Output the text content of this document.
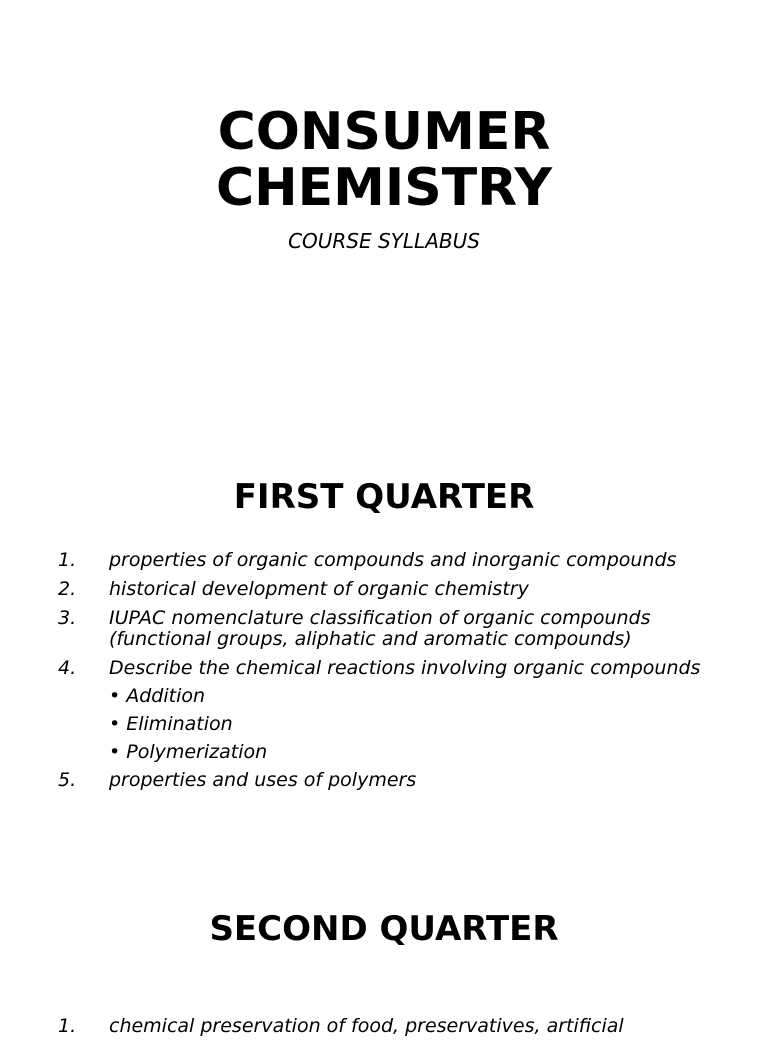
CONSUMER
CHEMISTRY

COURSE SYLLABUS

FIRST QUARTER
1. properties of organic compounds and inorganic compounds
2. historical development of organic chemistry
3. IUPAC nomenclature classification of organic compounds (functional groups, aliphatic and aromatic compounds)
4. Describe the chemical reactions involving organic compounds
• Addition
• Elimination
• Polymerization
5. properties and uses of polymers
SECOND QUARTER
1. chemical preservation of food, preservatives, artificial
